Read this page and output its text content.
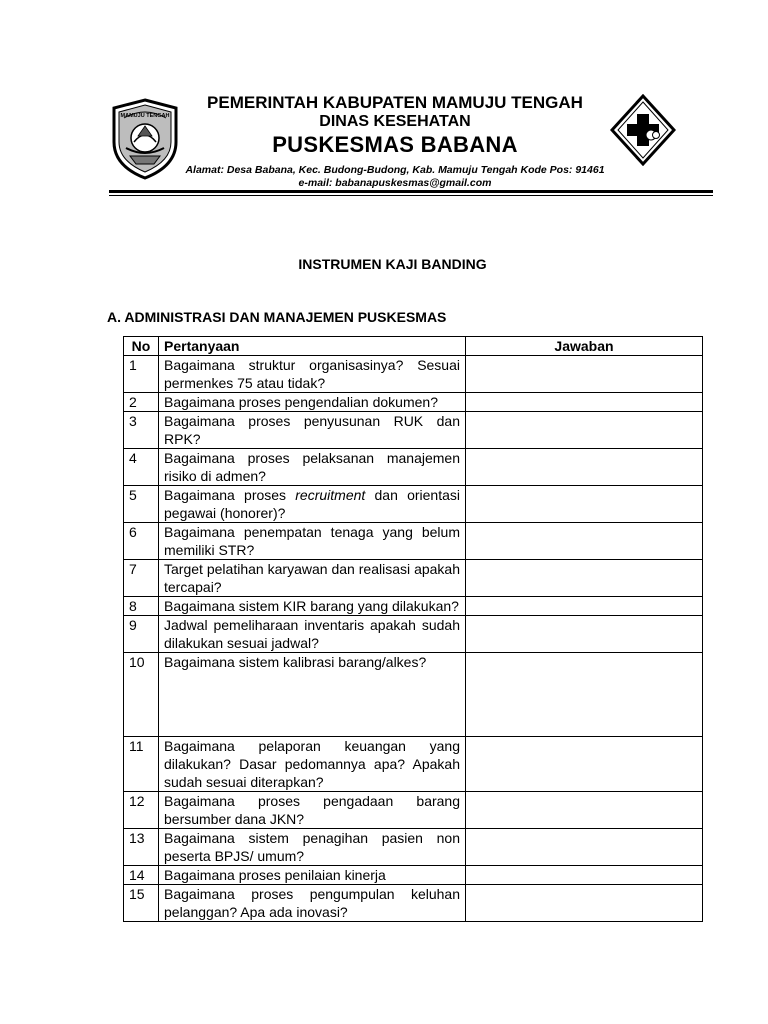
MAMUJU TENGAH
PEMERINTAH KABUPATEN MAMUJU TENGAH
DINAS KESEHATAN
PUSKESMAS BABANA
Alamat: Desa Babana, Kec. Budong-Budong, Kab. Mamuju Tengah Kode Pos: 91461
e-mail: babanapuskesmas@gmail.com
INSTRUMEN KAJI BANDING
A. ADMINISTRASI DAN MANAJEMEN PUSKESMAS
No	Pertanyaan	Jawaban
1	Bagaimana struktur organisasinya? Sesuai permenkes 75 atau tidak?	
2	Bagaimana proses pengendalian dokumen?	
3	Bagaimana proses penyusunan RUK dan RPK?	
4	Bagaimana proses pelaksanan manajemen risiko di admen?	
5	Bagaimana proses recruitment dan orientasi pegawai (honorer)?	
6	Bagaimana penempatan tenaga yang belum memiliki STR?	
7	Target pelatihan karyawan dan realisasi apakah tercapai?	
8	Bagaimana sistem KIR barang yang dilakukan?	
9	Jadwal pemeliharaan inventaris apakah sudah dilakukan sesuai jadwal?	
10	Bagaimana sistem kalibrasi barang/alkes?	
11	Bagaimana pelaporan keuangan yang dilakukan? Dasar pedomannya apa? Apakah sudah sesuai diterapkan?	
12	Bagaimana proses pengadaan barang bersumber dana JKN?	
13	Bagaimana sistem penagihan pasien non peserta BPJS/ umum?	
14	Bagaimana proses penilaian kinerja	
15	Bagaimana proses pengumpulan keluhan pelanggan? Apa ada inovasi?	
